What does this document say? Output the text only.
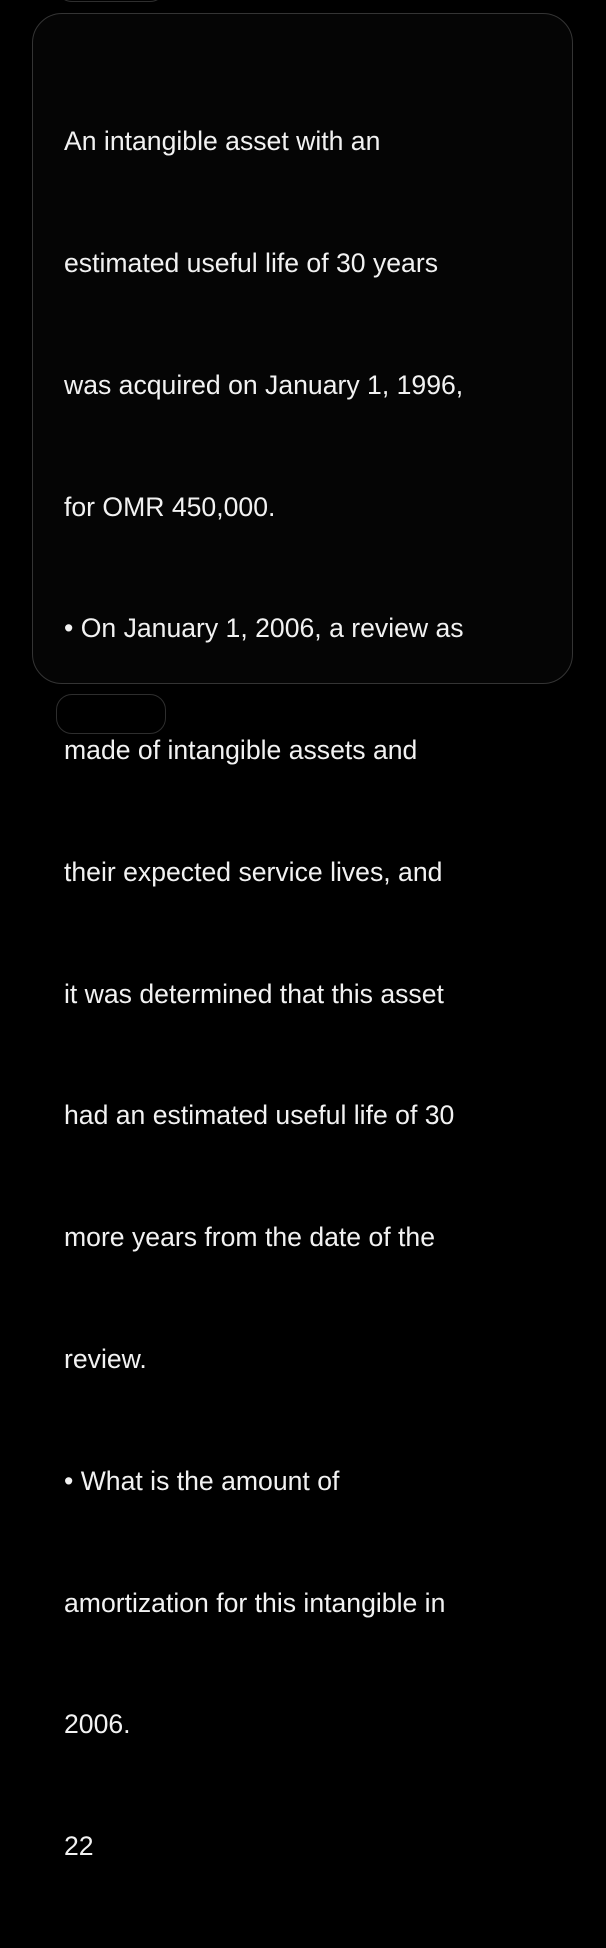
An intangible asset with an

estimated useful life of 30 years

was acquired on January 1, 1996,

for OMR 450,000.

• On January 1, 2006, a review as

made of intangible assets and

their expected service lives, and

it was determined that this asset

had an estimated useful life of 30

more years from the date of the

review.

• What is the amount of

amortization for this intangible in

2006.

22
